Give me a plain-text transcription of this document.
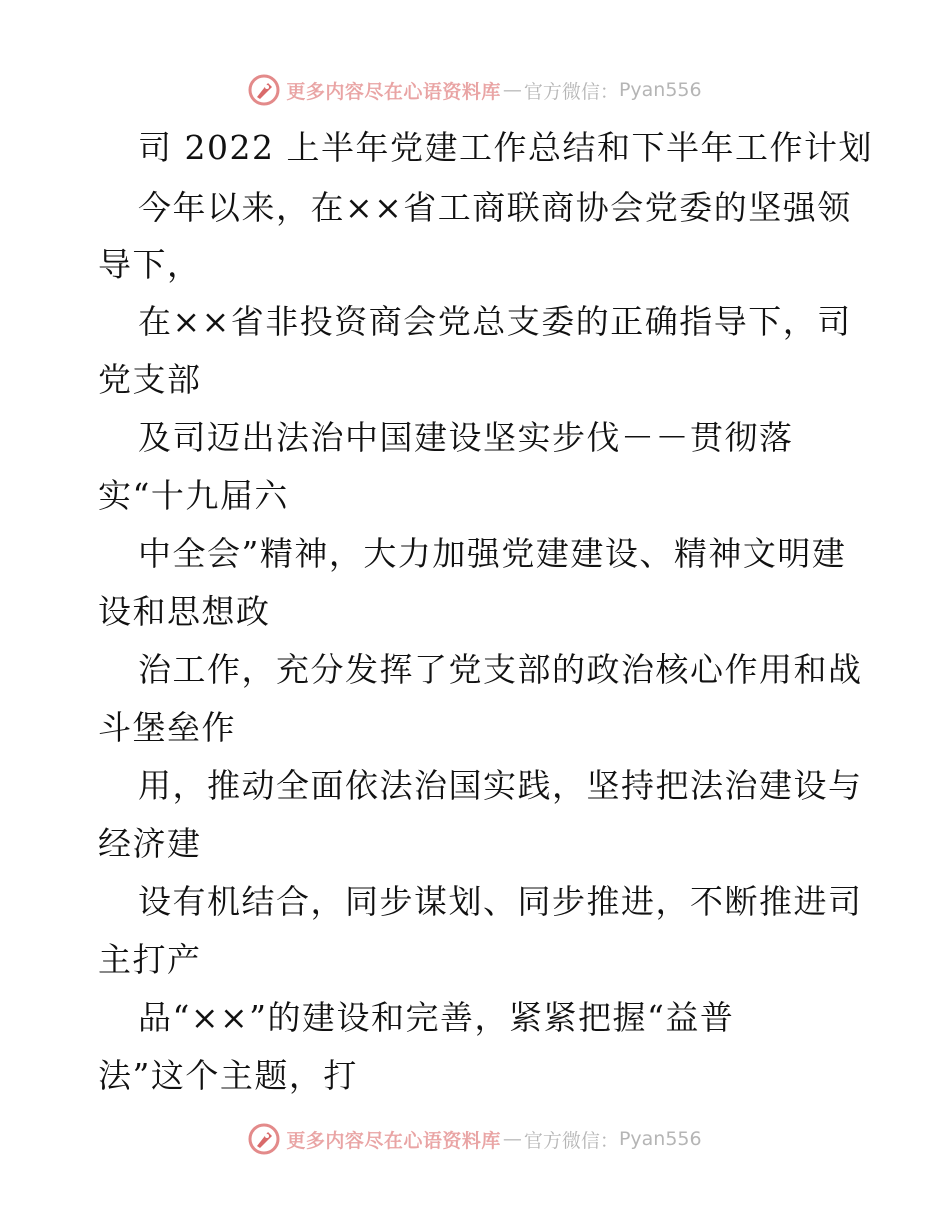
更多内容尽在心语资料库 — 官方微信： Pyan556
司 2022 上半年党建工作总结和下半年工作计划
今年以来，在××省工商联商协会党委的坚强领
导下，
在××省非投资商会党总支委的正确指导下，司
党支部
及司迈出法治中国建设坚实步伐－－贯彻落
实“十九届六
中全会”精神，大力加强党建建设、精神文明建
设和思想政
治工作，充分发挥了党支部的政治核心作用和战
斗堡垒作
用，推动全面依法治国实践，坚持把法治建设与
经济建
设有机结合，同步谋划、同步推进，不断推进司
主打产
品“××”的建设和完善，紧紧把握“益普
法”这个主题，打
更多内容尽在心语资料库 — 官方微信： Pyan556
